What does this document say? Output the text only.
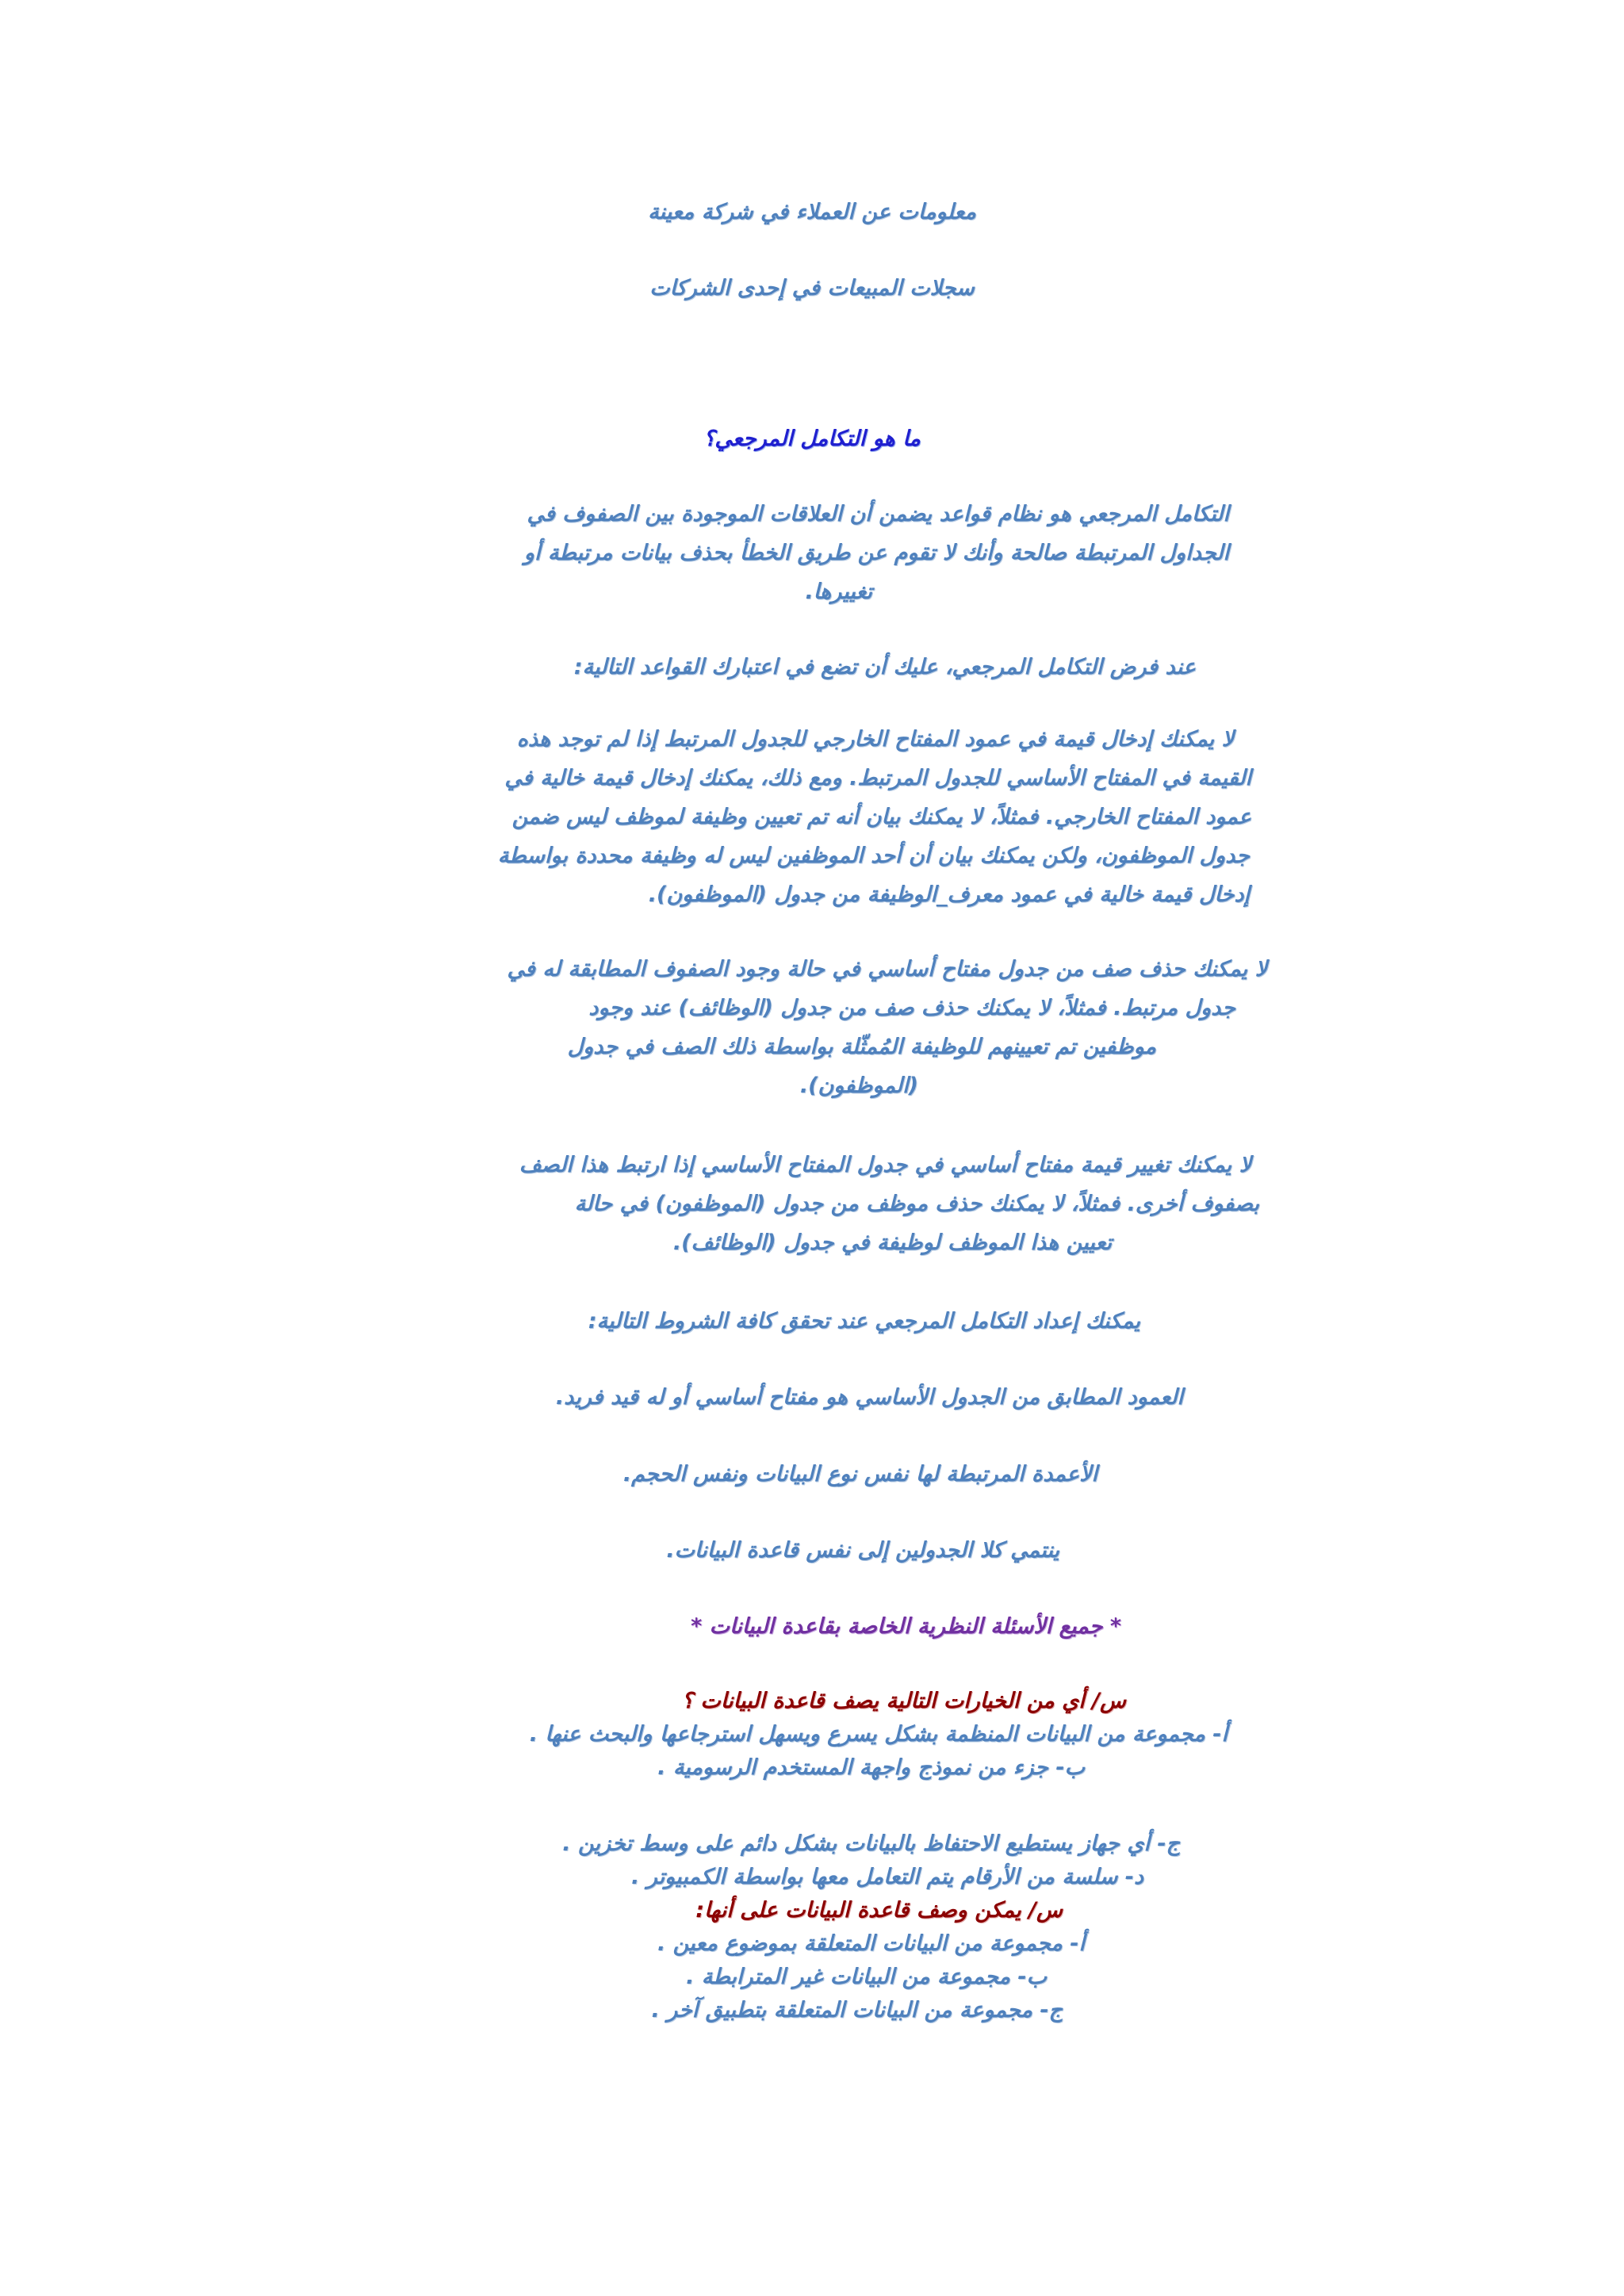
معلومات عن العملاء في شركة معينة
سجلات المبيعات في إحدى الشركات
ما هو التكامل المرجعي؟
التكامل المرجعي هو نظام قواعد يضمن أن العلاقات الموجودة بين الصفوف في
الجداول المرتبطة صالحة وأنك لا تقوم عن طريق الخطأ بحذف بيانات مرتبطة أو
تغييرها.
عند فرض التكامل المرجعي، عليك أن تضع في اعتبارك القواعد التالية:
لا يمكنك إدخال قيمة في عمود المفتاح الخارجي للجدول المرتبط إذا لم توجد هذه
القيمة في المفتاح الأساسي للجدول المرتبط. ومع ذلك، يمكنك إدخال قيمة خالية في
عمود المفتاح الخارجي. فمثلاً، لا يمكنك بيان أنه تم تعيين وظيفة لموظف ليس ضمن
جدول الموظفون، ولكن يمكنك بيان أن أحد الموظفين ليس له وظيفة محددة بواسطة
إدخال قيمة خالية في عمود معرف_الوظيفة من جدول (الموظفون).
لا يمكنك حذف صف من جدول مفتاح أساسي في حالة وجود الصفوف المطابقة له في
جدول مرتبط. فمثلاً، لا يمكنك حذف صف من جدول (الوظائف) عند وجود
موظفين تم تعيينهم للوظيفة المُمثّلة بواسطة ذلك الصف في جدول
(الموظفون).
لا يمكنك تغيير قيمة مفتاح أساسي في جدول المفتاح الأساسي إذا ارتبط هذا الصف
بصفوف أخرى. فمثلاً، لا يمكنك حذف موظف من جدول (الموظفون) في حالة
تعيين هذا الموظف لوظيفة في جدول (الوظائف).
يمكنك إعداد التكامل المرجعي عند تحقق كافة الشروط التالية:
العمود المطابق من الجدول الأساسي هو مفتاح أساسي أو له قيد فريد.
الأعمدة المرتبطة لها نفس نوع البيانات ونفس الحجم.
ينتمي كلا الجدولين إلى نفس قاعدة البيانات.
* جميع الأسئلة النظرية الخاصة بقاعدة البيانات *
س/ أي من الخيارات التالية يصف قاعدة البيانات ؟
أ- مجموعة من البيانات المنظمة بشكل يسرع ويسهل استرجاعها والبحث عنها .
ب- جزء من نموذج واجهة المستخدم الرسومية .
ج- أي جهاز يستطيع الاحتفاظ بالبيانات بشكل دائم على وسط تخزين .
د- سلسة من الأرقام يتم التعامل معها بواسطة الكمبيوتر .
س/ يمكن وصف قاعدة البيانات على أنها:
أ- مجموعة من البيانات المتعلقة بموضوع معين .
ب- مجموعة من البيانات غير المترابطة .
ج- مجموعة من البيانات المتعلقة بتطبيق آخر .
